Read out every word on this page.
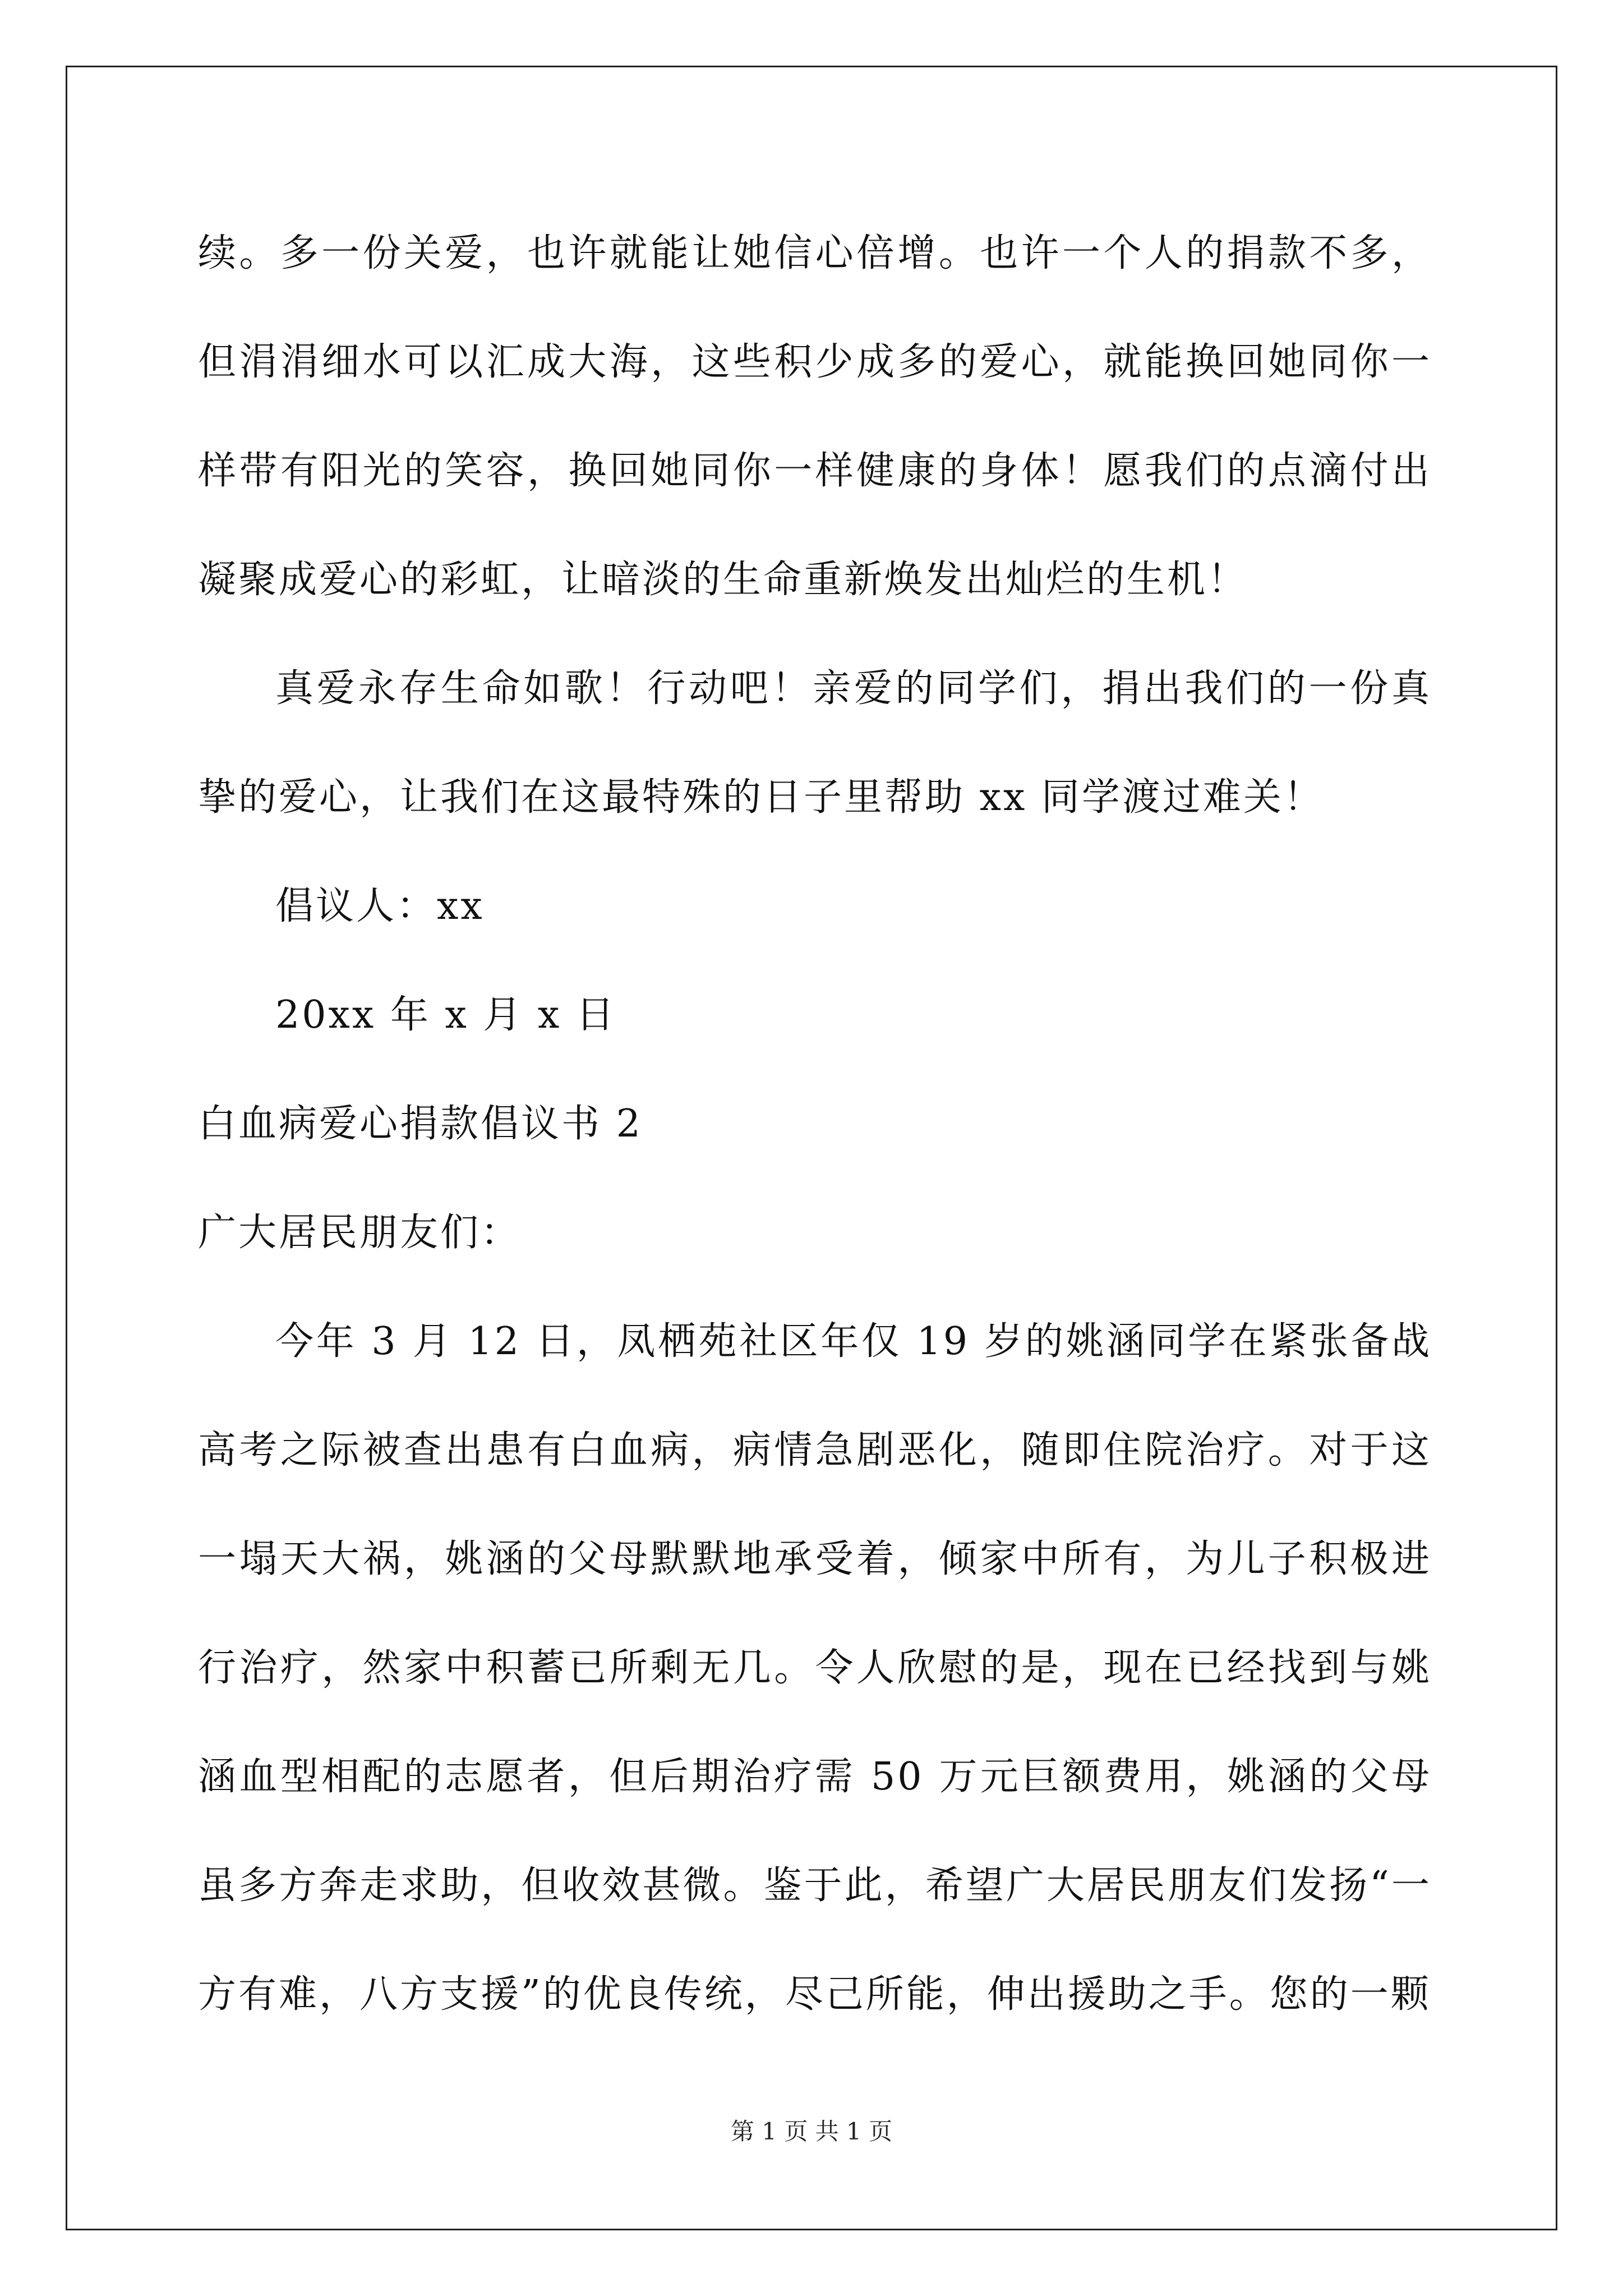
续。多一份关爱，也许就能让她信心倍增。也许一个人的捐款不多，但涓涓细水可以汇成大海，这些积少成多的爱心，就能换回她同你一样带有阳光的笑容，换回她同你一样健康的身体！愿我们的点滴付出凝聚成爱心的彩虹，让暗淡的生命重新焕发出灿烂的生机！

真爱永存生命如歌！行动吧！亲爱的同学们，捐出我们的一份真挚的爱心，让我们在这最特殊的日子里帮助 xx 同学渡过难关！

倡议人：xx

20xx 年 x 月 x 日

白血病爱心捐款倡议书 2

广大居民朋友们：

今年 3 月 12 日，凤栖苑社区年仅 19 岁的姚涵同学在紧张备战高考之际被查出患有白血病，病情急剧恶化，随即住院治疗。对于这一塌天大祸，姚涵的父母默默地承受着，倾家中所有，为儿子积极进行治疗，然家中积蓄已所剩无几。令人欣慰的是，现在已经找到与姚涵血型相配的志愿者，但后期治疗需 50 万元巨额费用，姚涵的父母虽多方奔走求助，但收效甚微。鉴于此，希望广大居民朋友们发扬“一方有难，八方支援”的优良传统，尽己所能，伸出援助之手。您的一颗

第 1 页 共 1 页
